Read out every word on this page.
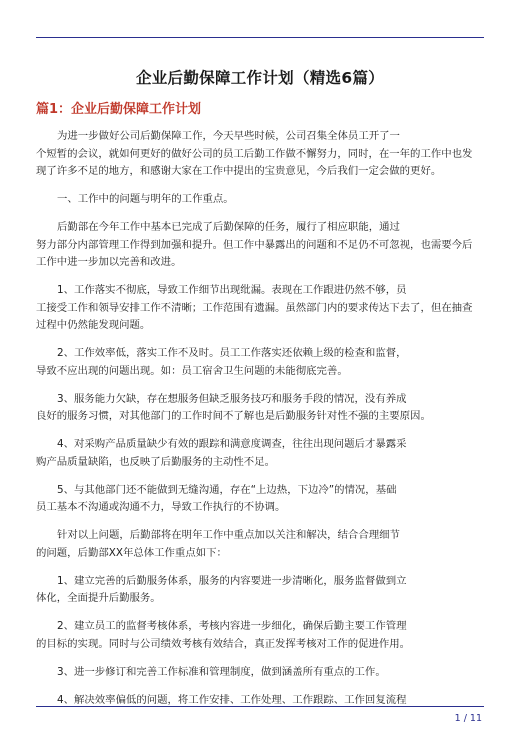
企业后勤保障工作计划（精选6篇）
篇1：企业后勤保障工作计划

为进一步做好公司后勤保障工作，今天早些时候，公司召集全体员工开了一
个短暂的会议，就如何更好的做好公司的员工后勤工作做不懈努力，同时，在一年的工作中也发
现了许多不足的地方，和感谢大家在工作中提出的宝贵意见，今后我们一定会做的更好。

一、工作中的问题与明年的工作重点。

后勤部在今年工作中基本已完成了后勤保障的任务，履行了相应职能，通过
努力部分内部管理工作得到加强和提升。但工作中暴露出的问题和不足仍不可忽视，也需要今后
工作中进一步加以完善和改进。

1、工作落实不彻底，导致工作细节出现纰漏。表现在工作跟进仍然不够，员
工接受工作和领导安排工作不清晰；工作范围有遗漏。虽然部门内的要求传达下去了，但在抽查
过程中仍然能发现问题。

2、工作效率低，落实工作不及时。员工工作落实还依赖上级的检查和监督，
导致不应出现的问题出现。如：员工宿舍卫生问题的未能彻底完善。

3、服务能力欠缺，存在想服务但缺乏服务技巧和服务手段的情况，没有养成
良好的服务习惯，对其他部门的工作时间不了解也是后勤服务针对性不强的主要原因。

4、对采购产品质量缺少有效的跟踪和满意度调查，往往出现问题后才暴露采
购产品质量缺陷，也反映了后勤服务的主动性不足。

5、与其他部门还不能做到无缝沟通，存在“上边热，下边冷”的情况，基础
员工基本不沟通或沟通不力，导致工作执行的不协调。

针对以上问题，后勤部将在明年工作中重点加以关注和解决，结合合理细节
的问题，后勤部XX年总体工作重点如下：

1、建立完善的后勤服务体系，服务的内容要进一步清晰化，服务监督做到立
体化，全面提升后勤服务。

2、建立员工的监督考核体系，考核内容进一步细化，确保后勤主要工作管理
的目标的实现。同时与公司绩效考核有效结合，真正发挥考核对工作的促进作用。

3、进一步修订和完善工作标准和管理制度，做到涵盖所有重点的工作。

4、解决效率偏低的问题，将工作安排、工作处理、工作跟踪、工作回复流程

1 / 11
